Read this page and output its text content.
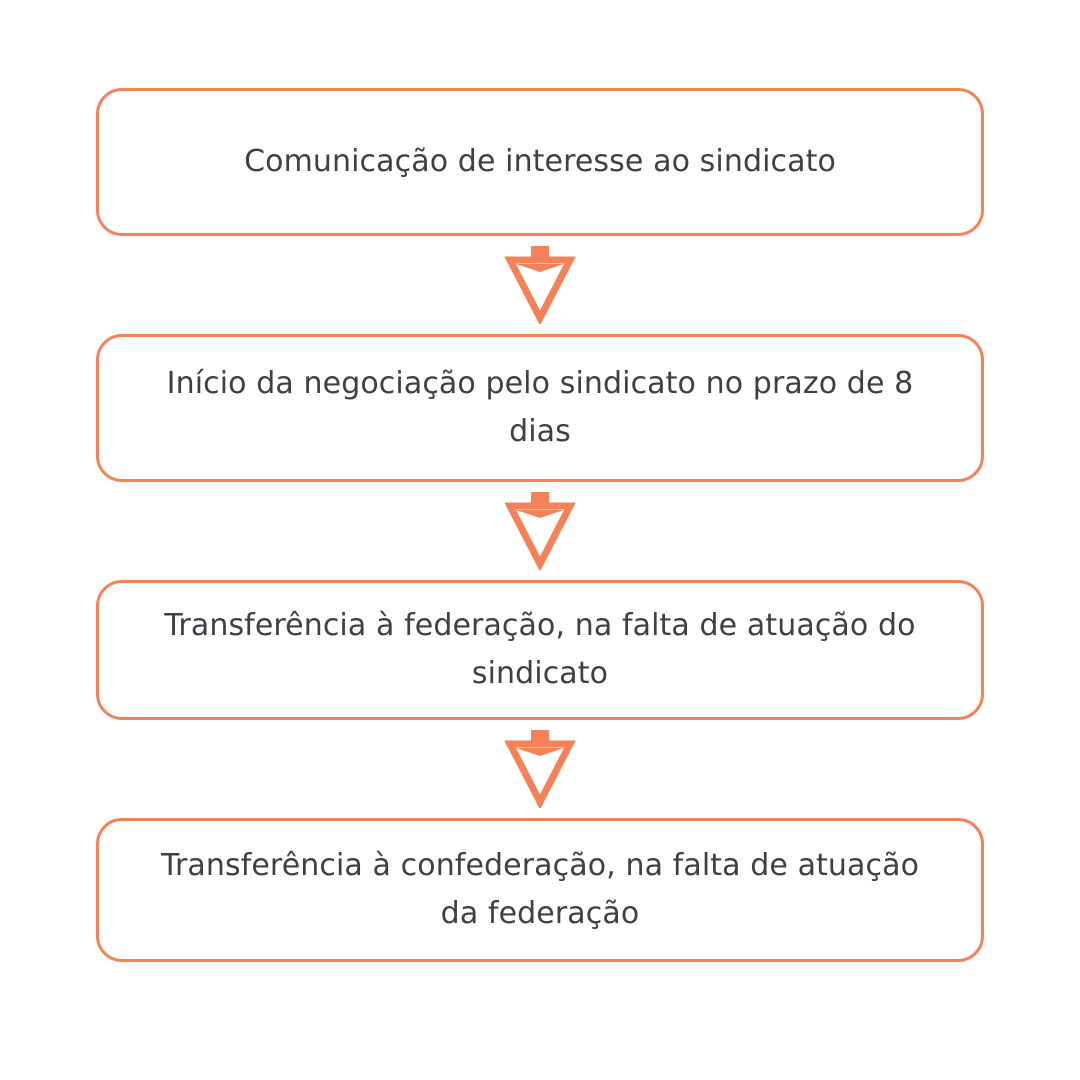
Comunicação de interesse ao sindicato
Início da negociação pelo sindicato no prazo de 8 dias
Transferência à federação, na falta de atuação do sindicato
Transferência à confederação, na falta de atuação da federação
